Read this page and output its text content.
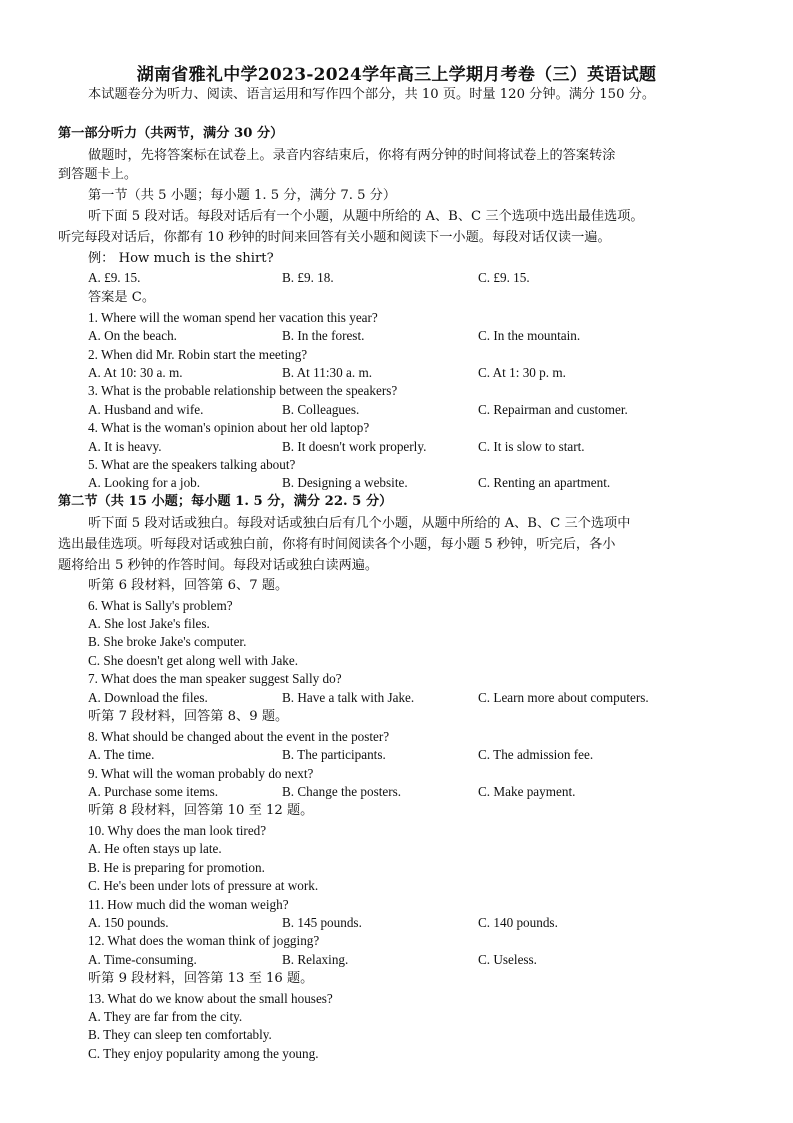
湖南省雅礼中学2023-2024学年高三上学期月考卷（三）英语试题
本试题卷分为听力、阅读、语言运用和写作四个部分，共 10 页。时量 120 分钟。满分 150 分。
第一部分听力（共两节，满分 30 分）
做题时，先将答案标在试卷上。录音内容结束后，你将有两分钟的时间将试卷上的答案转涂
到答题卡上。
第一节（共 5 小题；每小题 1. 5 分，满分 7. 5 分）
听下面 5 段对话。每段对话后有一个小题，从题中所给的 A、B、C 三个选项中选出最佳选项。
听完每段对话后，你都有 10 秒钟的时间来回答有关小题和阅读下一小题。每段对话仅读一遍。
例： How much is the shirt?
A. £9. 15.	B. £9. 18.	C. £9. 15.
答案是 C。
1. Where will the woman spend her vacation this year?
A. On the beach.	B. In the forest.	C. In the mountain.
2. When did Mr. Robin start the meeting?
A. At 10: 30 a. m.	B. At 11:30 a. m.	C. At 1: 30 p. m.
3. What is the probable relationship between the speakers?
A. Husband and wife.	B. Colleagues.	C. Repairman and customer.
4. What is the woman's opinion about her old laptop?
A. It is heavy.	B. It doesn't work properly.	C. It is slow to start.
5. What are the speakers talking about?
A. Looking for a job.	B. Designing a website.	C. Renting an apartment.
第二节（共 15 小题；每小题 1. 5 分，满分 22. 5 分）
听下面 5 段对话或独白。每段对话或独白后有几个小题，从题中所给的 A、B、C 三个选项中
选出最佳选项。听每段对话或独白前，你将有时间阅读各个小题，每小题 5 秒钟，听完后，各小
题将给出 5 秒钟的作答时间。每段对话或独白读两遍。
听第 6 段材料，回答第 6、7 题。
6. What is Sally's problem?
A. She lost Jake's files.
B. She broke Jake's computer.
C. She doesn't get along well with Jake.
7. What does the man speaker suggest Sally do?
A. Download the files.	B. Have a talk with Jake.	C. Learn more about computers.
听第 7 段材料，回答第 8、9 题。
8. What should be changed about the event in the poster?
A. The time.	B. The participants.	C. The admission fee.
9. What will the woman probably do next?
A. Purchase some items.	B. Change the posters.	C. Make payment.
听第 8 段材料，回答第 10 至 12 题。
10. Why does the man look tired?
A. He often stays up late.
B. He is preparing for promotion.
C. He's been under lots of pressure at work.
11. How much did the woman weigh?
A. 150 pounds.	B. 145 pounds.	C. 140 pounds.
12. What does the woman think of jogging?
A. Time-consuming.	B. Relaxing.	C. Useless.
听第 9 段材料，回答第 13 至 16 题。
13. What do we know about the small houses?
A. They are far from the city.
B. They can sleep ten comfortably.
C. They enjoy popularity among the young.
